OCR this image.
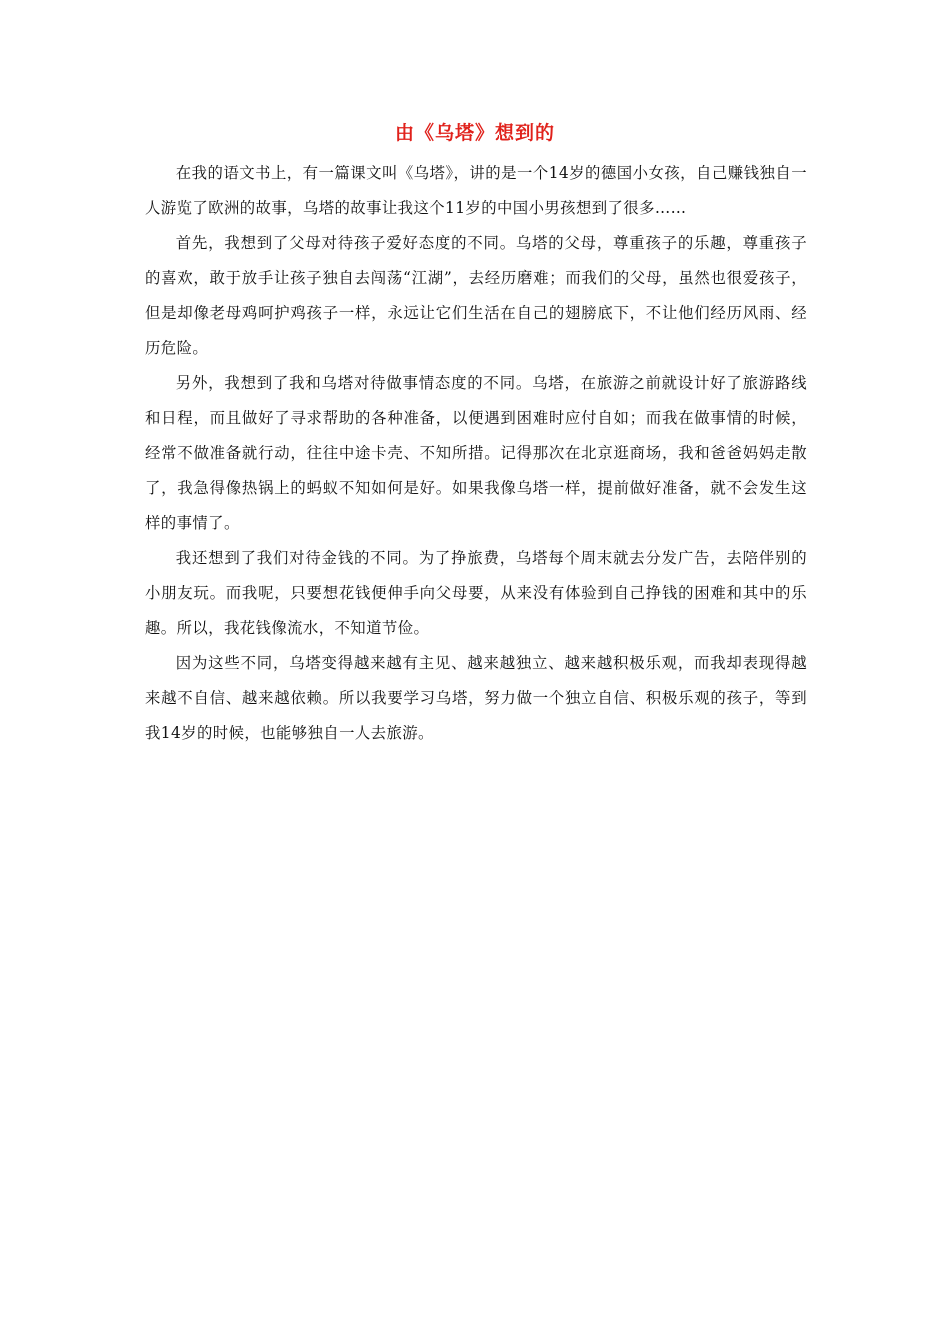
由《乌塔》想到的

在我的语文书上，有一篇课文叫《乌塔》，讲的是一个14岁的德国小女孩，自己赚钱独自一人游览了欧洲的故事，乌塔的故事让我这个11岁的中国小男孩想到了很多……

首先，我想到了父母对待孩子爱好态度的不同。乌塔的父母，尊重孩子的乐趣，尊重孩子的喜欢，敢于放手让孩子独自去闯荡“江湖”，去经历磨难；而我们的父母，虽然也很爱孩子，但是却像老母鸡呵护鸡孩子一样，永远让它们生活在自己的翅膀底下，不让他们经历风雨、经历危险。

另外，我想到了我和乌塔对待做事情态度的不同。乌塔，在旅游之前就设计好了旅游路线和日程，而且做好了寻求帮助的各种准备，以便遇到困难时应付自如；而我在做事情的时候，经常不做准备就行动，往往中途卡壳、不知所措。记得那次在北京逛商场，我和爸爸妈妈走散了，我急得像热锅上的蚂蚁不知如何是好。如果我像乌塔一样，提前做好准备，就不会发生这样的事情了。

我还想到了我们对待金钱的不同。为了挣旅费，乌塔每个周末就去分发广告，去陪伴别的小朋友玩。而我呢，只要想花钱便伸手向父母要，从来没有体验到自己挣钱的困难和其中的乐趣。所以，我花钱像流水，不知道节俭。

因为这些不同，乌塔变得越来越有主见、越来越独立、越来越积极乐观，而我却表现得越来越不自信、越来越依赖。所以我要学习乌塔，努力做一个独立自信、积极乐观的孩子，等到我14岁的时候，也能够独自一人去旅游。
